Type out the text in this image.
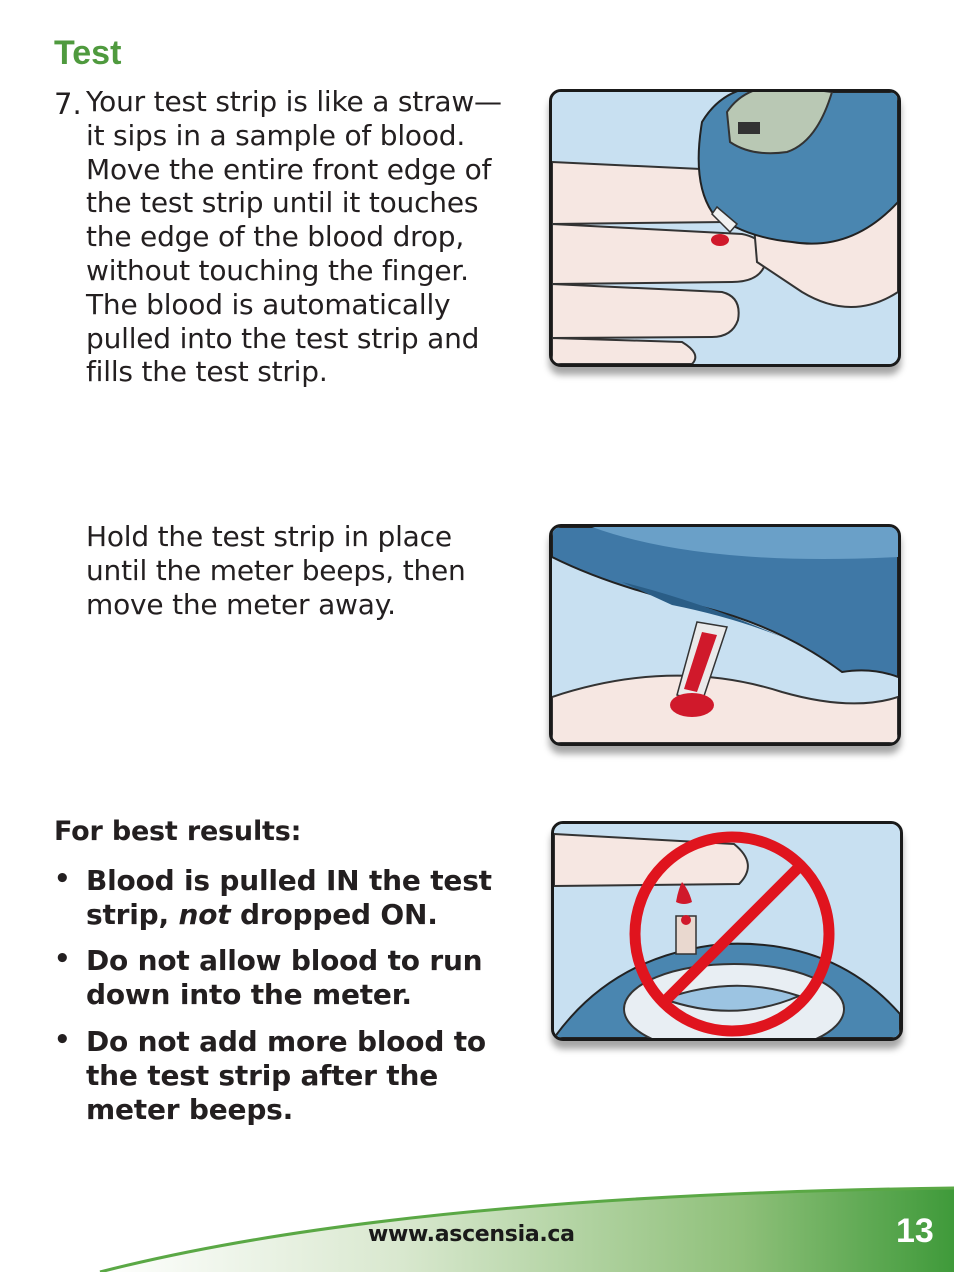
Test
7. Your test strip is like a straw—it sips in a sample of blood. Move the entire front edge of the test strip until it touches the edge of the blood drop, without touching the finger. The blood is automatically pulled into the test strip and fills the test strip.

Hold the test strip in place until the meter beeps, then move the meter away.

For best results:
• Blood is pulled IN the test strip, not dropped ON.
• Do not allow blood to run down into the meter.
• Do not add more blood to the test strip after the meter beeps.
www.ascensia.ca	13
